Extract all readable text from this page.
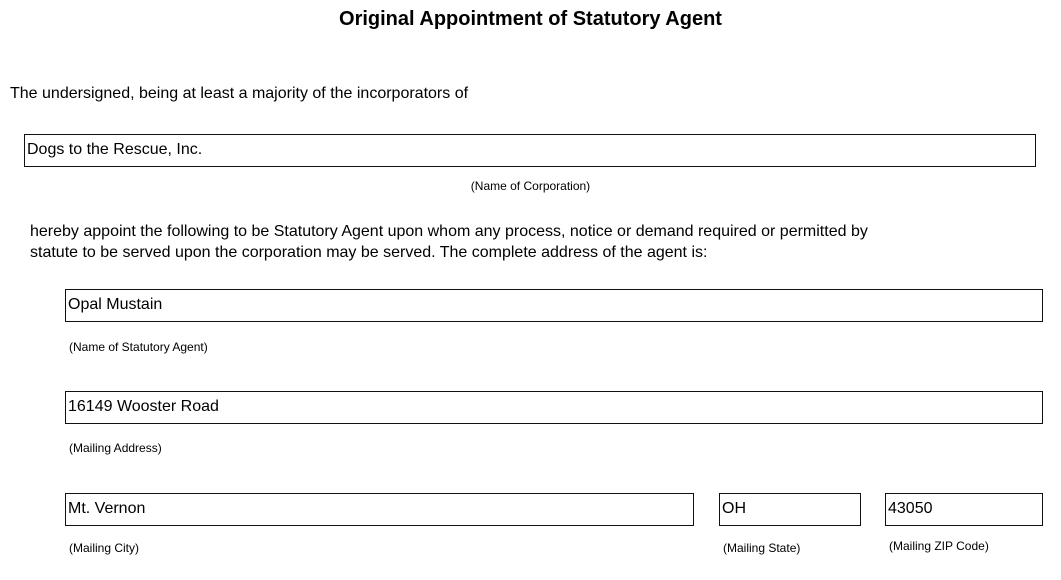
Original Appointment of Statutory Agent
The undersigned, being at least a majority of the incorporators of
Dogs to the Rescue, Inc.
(Name of Corporation)
hereby appoint the following to be Statutory Agent upon whom any process, notice or demand required or permitted by
statute to be served upon the corporation may be served. The complete address of the agent is:
Opal Mustain
(Name of Statutory Agent)
16149 Wooster Road
(Mailing Address)
Mt. Vernon
(Mailing City)
OH
(Mailing State)
43050
(Mailing ZIP Code)
